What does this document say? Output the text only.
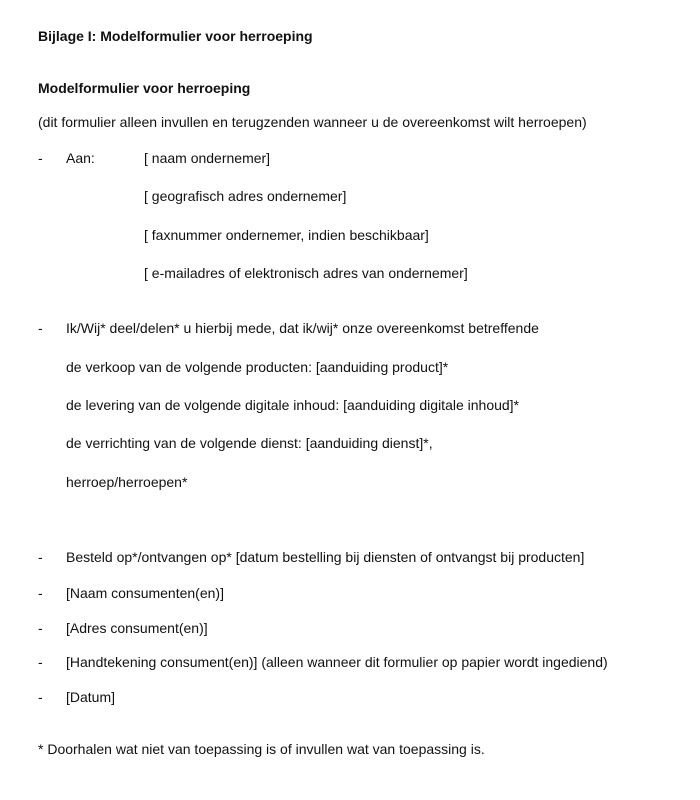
Bijlage I: Modelformulier voor herroeping
Modelformulier voor herroeping
(dit formulier alleen invullen en terugzenden wanneer u de overeenkomst wilt herroepen)
- Aan:	[ naam ondernemer]
[ geografisch adres ondernemer]
[ faxnummer ondernemer, indien beschikbaar]
[ e-mailadres of elektronisch adres van ondernemer]
- Ik/Wij* deel/delen* u hierbij mede, dat ik/wij* onze overeenkomst betreffende
de verkoop van de volgende producten: [aanduiding product]*
de levering van de volgende digitale inhoud: [aanduiding digitale inhoud]*
de verrichting van de volgende dienst: [aanduiding dienst]*,
herroep/herroepen*
- Besteld op*/ontvangen op* [datum bestelling bij diensten of ontvangst bij producten]
- [Naam consumenten(en)]
- [Adres consument(en)]
- [Handtekening consument(en)] (alleen wanneer dit formulier op papier wordt ingediend)
- [Datum]
* Doorhalen wat niet van toepassing is of invullen wat van toepassing is.
